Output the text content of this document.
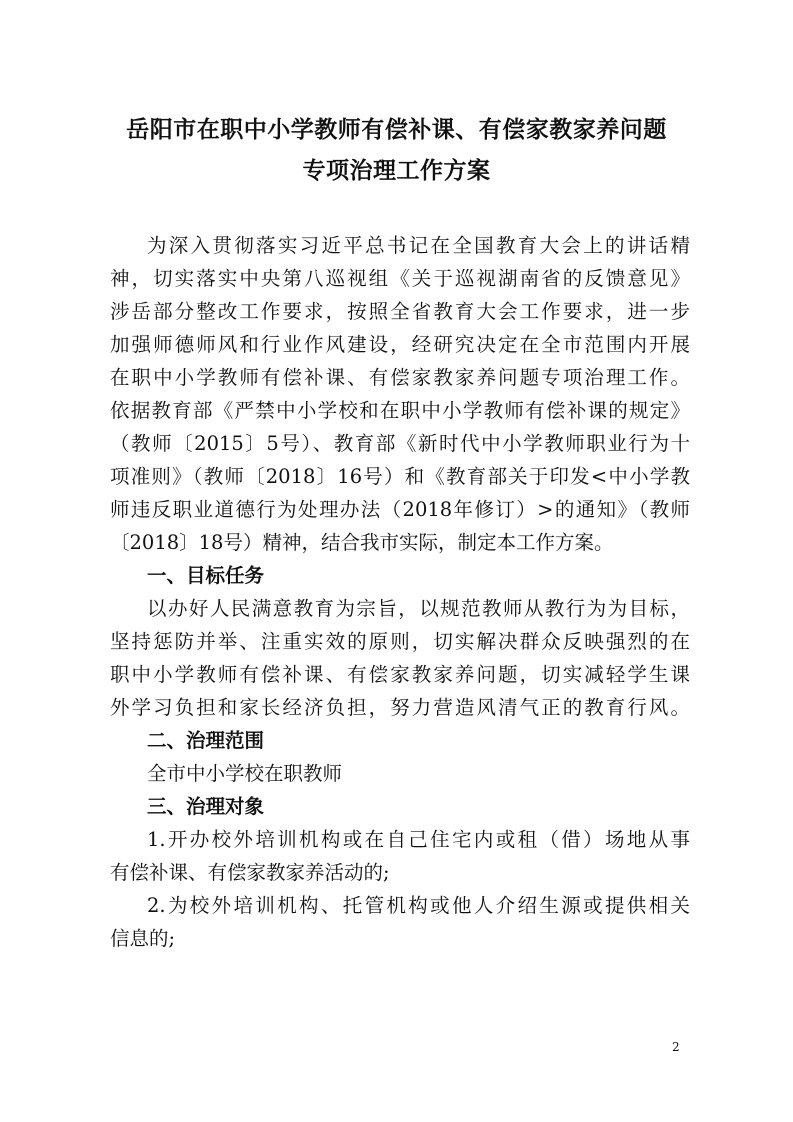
岳阳市在职中小学教师有偿补课、有偿家教家养问题
专项治理工作方案
为深入贯彻落实习近平总书记在全国教育大会上的讲话精
神，切实落实中央第八巡视组《关于巡视湖南省的反馈意见》
涉岳部分整改工作要求，按照全省教育大会工作要求，进一步
加强师德师风和行业作风建设，经研究决定在全市范围内开展
在职中小学教师有偿补课、有偿家教家养问题专项治理工作。
依据教育部《严禁中小学校和在职中小学教师有偿补课的规定》
（教师〔2015〕5号）、教育部《新时代中小学教师职业行为十
项准则》（教师〔2018〕16号）和《教育部关于印发<中小学教
师违反职业道德行为处理办法（2018年修订）>的通知》（教师
〔2018〕18号）精神，结合我市实际，制定本工作方案。
一、目标任务
以办好人民满意教育为宗旨，以规范教师从教行为为目标，
坚持惩防并举、注重实效的原则，切实解决群众反映强烈的在
职中小学教师有偿补课、有偿家教家养问题，切实减轻学生课
外学习负担和家长经济负担，努力营造风清气正的教育行风。
二、治理范围
全市中小学校在职教师
三、治理对象
1.开办校外培训机构或在自己住宅内或租（借）场地从事
有偿补课、有偿家教家养活动的;
2.为校外培训机构、托管机构或他人介绍生源或提供相关
信息的;
2
